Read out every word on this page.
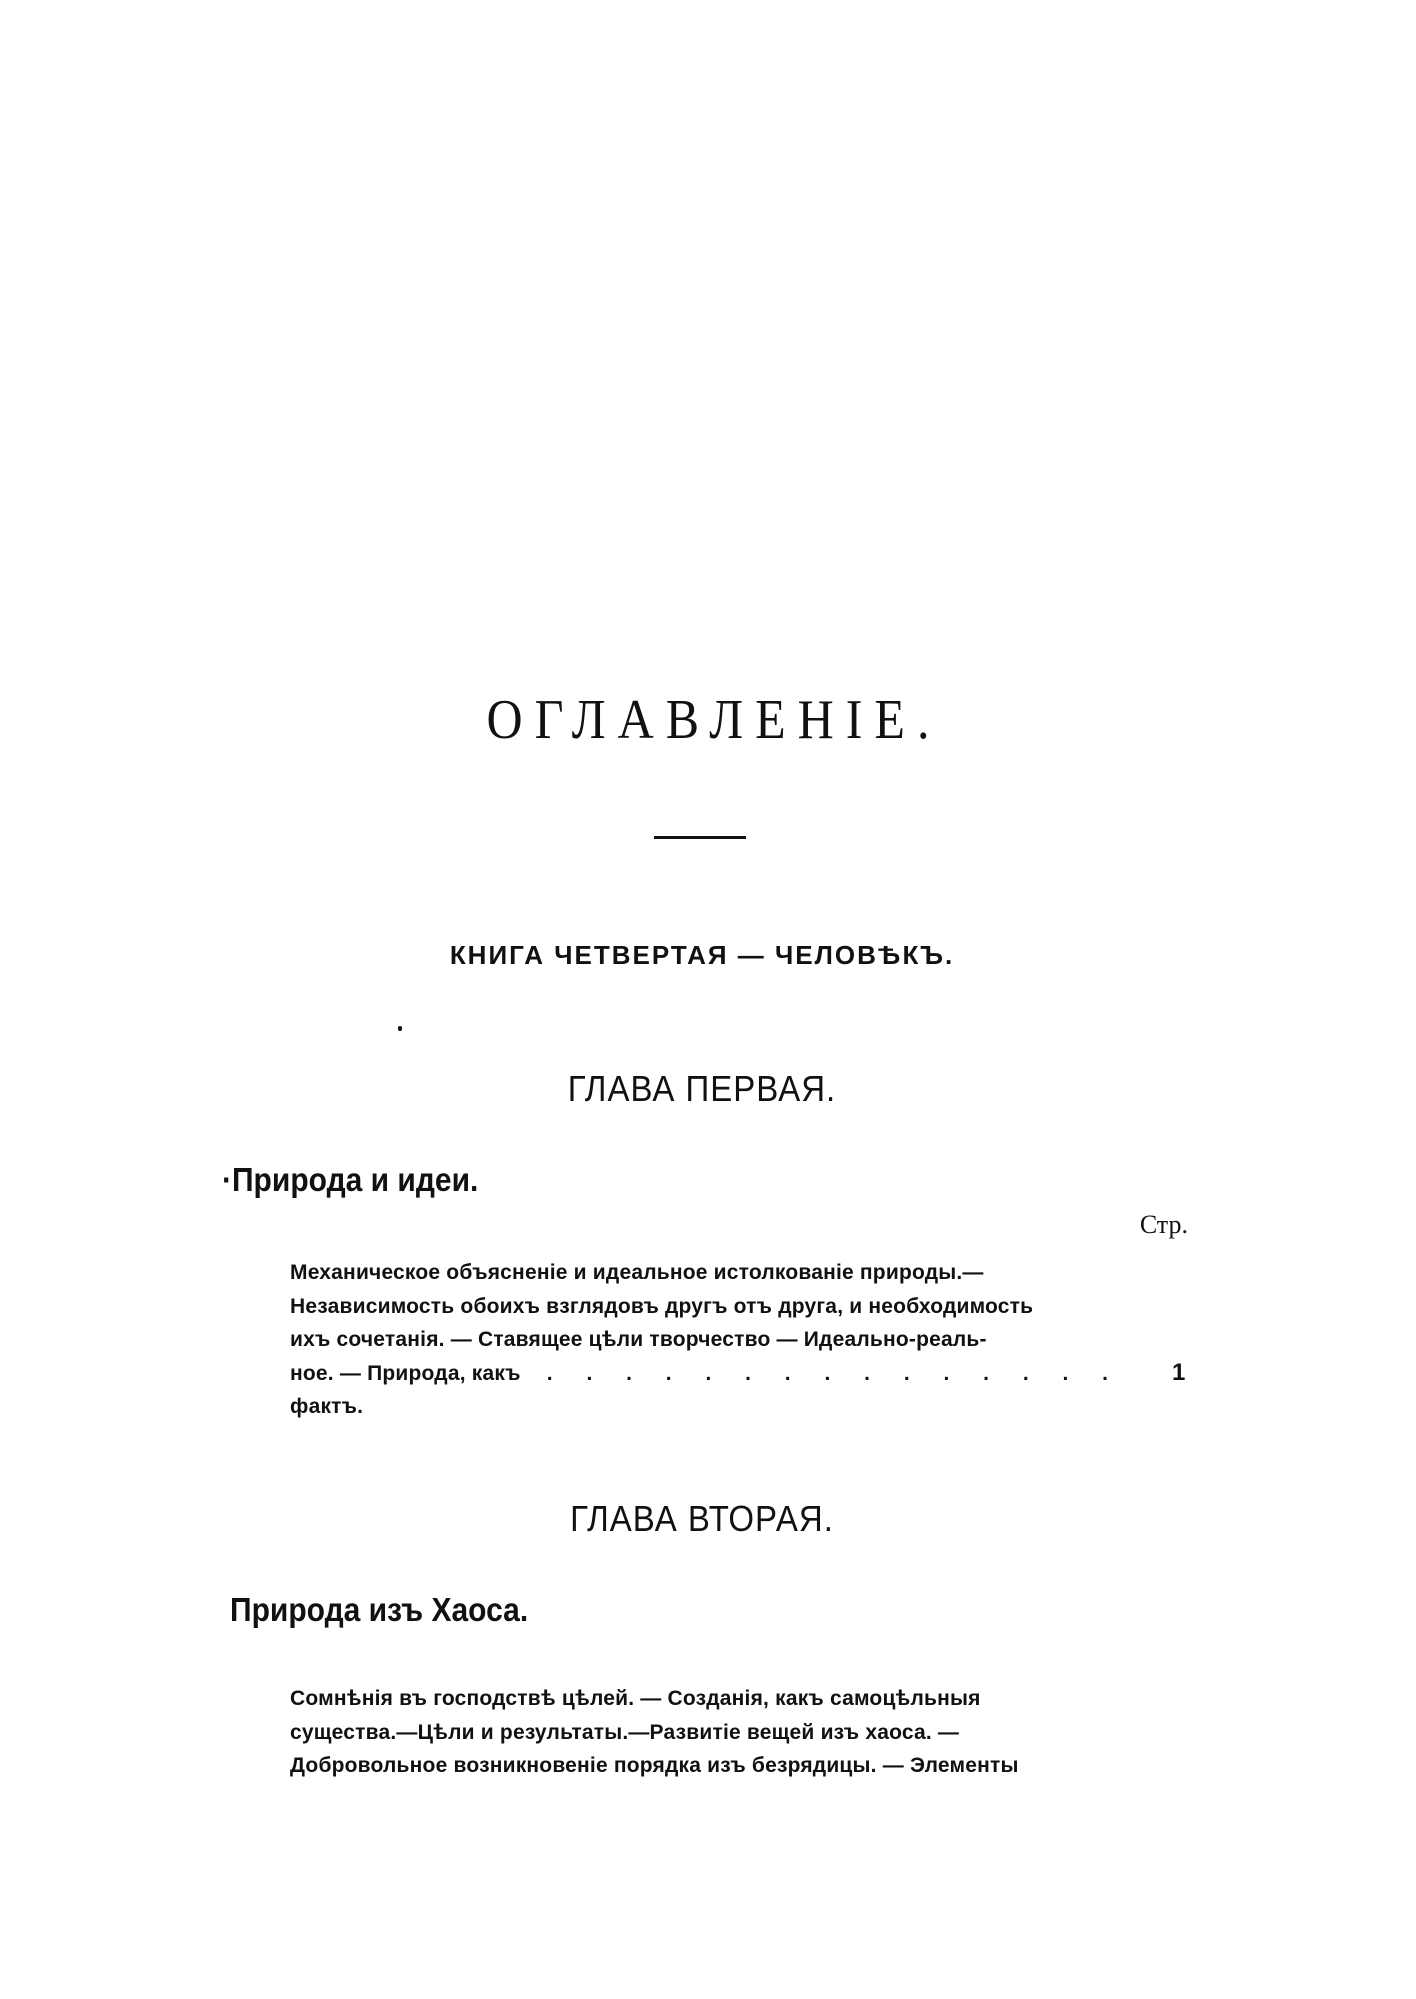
ОГЛАВЛЕНIЕ.
КНИГА ЧЕТВЕРТАЯ — ЧЕЛОВѢКЪ.
ГЛАВА ПЕРВАЯ.
·Природа и идеи.
Стр.
Механическое объясненiе и идеальное истолкованiе природы.—
Независимость обоихъ взглядовъ другъ отъ друга, и необходимость
ихъ сочетанiя. — Ставящее цѣли творчество — Идеально-реаль-
ное. — Природа, какъ фактъ.
. . . . . . . . . . . . . . . 1
ГЛАВА ВТОРАЯ.
Природа изъ Хаоса.
Сомнѣнiя въ господствѣ цѣлей. — Созданiя, какъ самоцѣльныя
существа.—Цѣли и результаты.—Развитiе вещей изъ хаоса. —
Добровольное возникновенiе порядка изъ безрядицы. — Элементы
